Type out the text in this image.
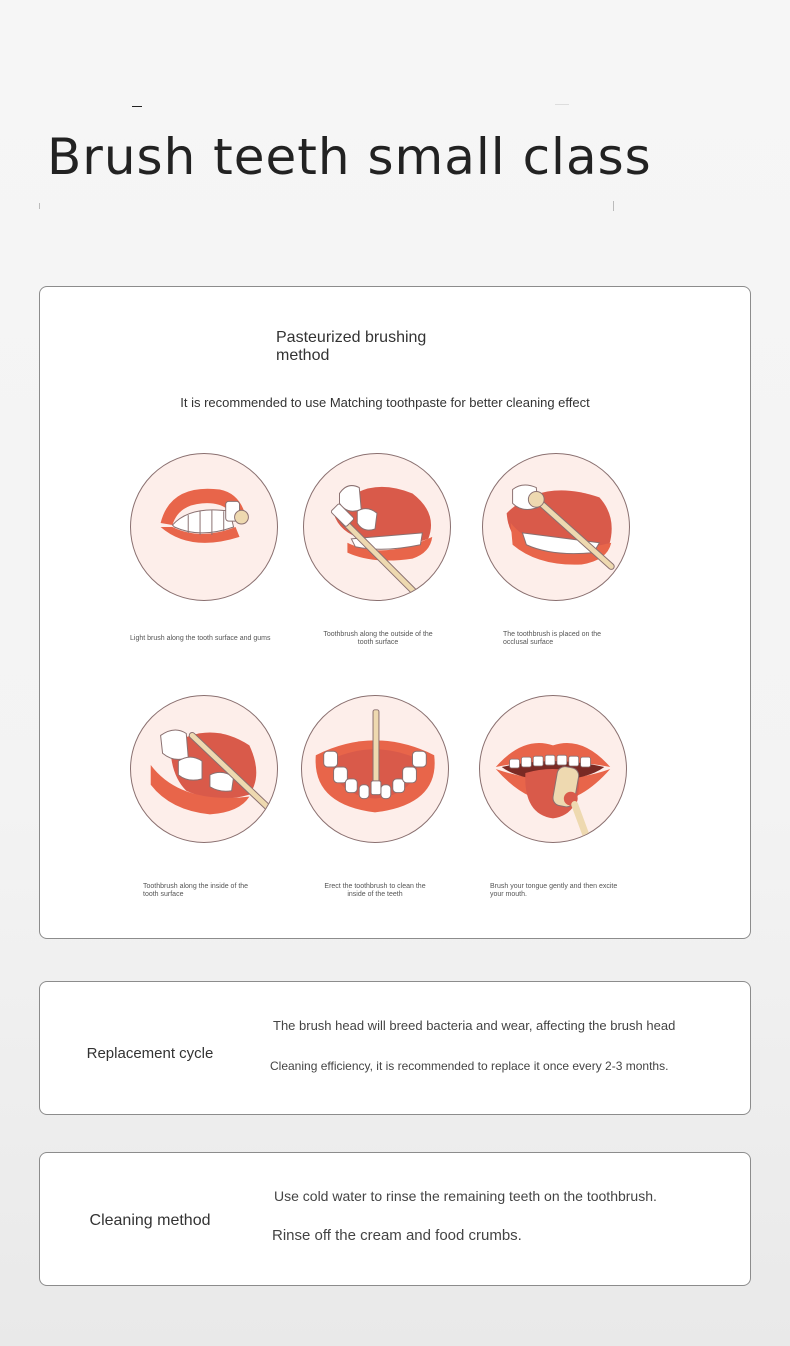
Brush teeth small class
Pasteurized brushing method
It is recommended to use Matching toothpaste for better cleaning effect
Light brush along the tooth surface and gums
Toothbrush along the outside of the tooth surface
The toothbrush is placed on the occlusal surface
Toothbrush along the inside of the tooth surface
Erect the toothbrush to clean the inside of the teeth
Brush your tongue gently and then excite your mouth.
Replacement cycle
The brush head will breed bacteria and wear, affecting the brush head
Cleaning efficiency, it is recommended to replace it once every 2-3 months.
Cleaning method
Use cold water to rinse the remaining teeth on the toothbrush.
Rinse off the cream and food crumbs.
